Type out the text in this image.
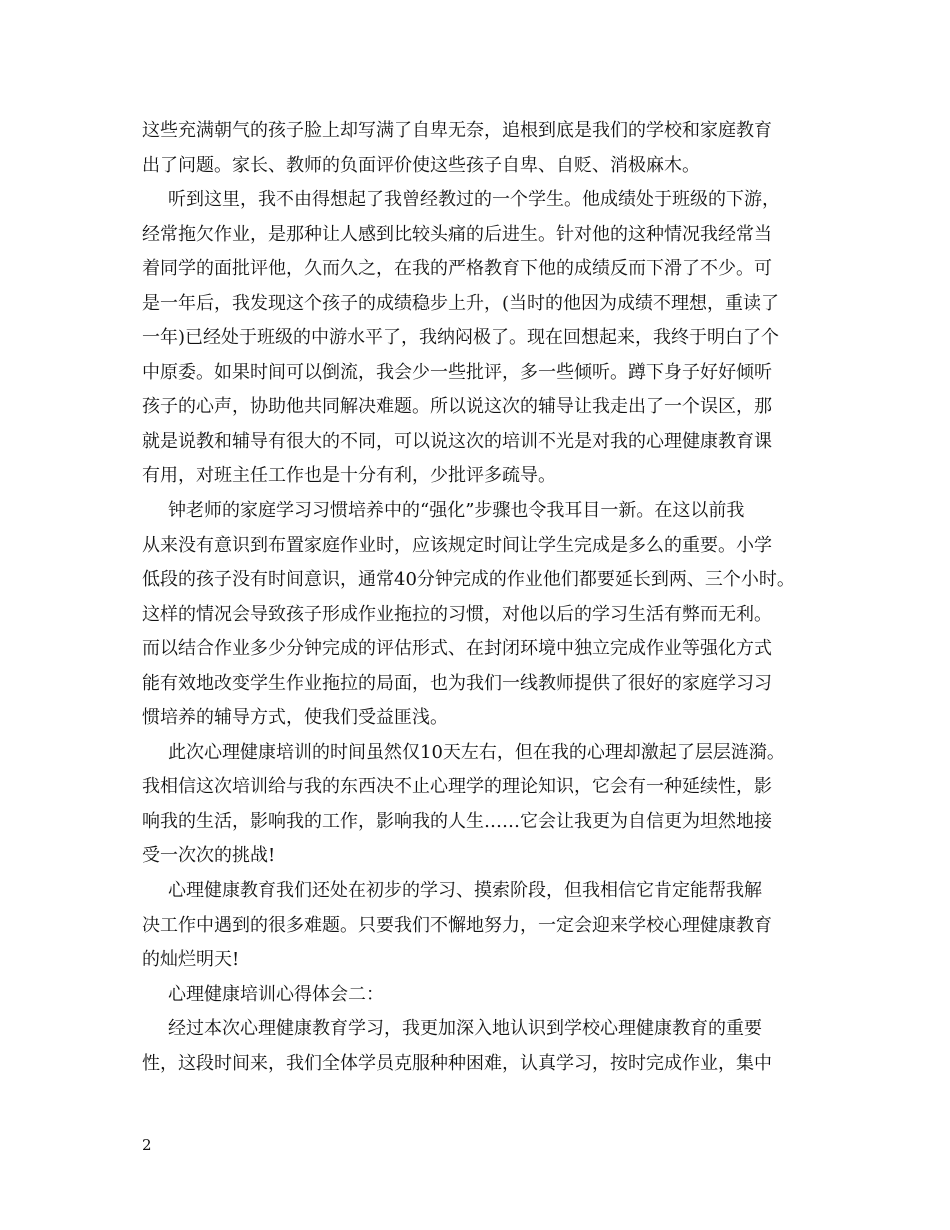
这些充满朝气的孩子脸上却写满了自卑无奈，追根到底是我们的学校和家庭教育
出了问题。家长、教师的负面评价使这些孩子自卑、自贬、消极麻木。
听到这里，我不由得想起了我曾经教过的一个学生。他成绩处于班级的下游，
经常拖欠作业，是那种让人感到比较头痛的后进生。针对他的这种情况我经常当
着同学的面批评他，久而久之，在我的严格教育下他的成绩反而下滑了不少。可
是一年后，我发现这个孩子的成绩稳步上升，(当时的他因为成绩不理想，重读了
一年)已经处于班级的中游水平了，我纳闷极了。现在回想起来，我终于明白了个
中原委。如果时间可以倒流，我会少一些批评，多一些倾听。蹲下身子好好倾听
孩子的心声，协助他共同解决难题。所以说这次的辅导让我走出了一个误区，那
就是说教和辅导有很大的不同，可以说这次的培训不光是对我的心理健康教育课
有用，对班主任工作也是十分有利，少批评多疏导。
钟老师的家庭学习习惯培养中的“强化”步骤也令我耳目一新。在这以前我
从来没有意识到布置家庭作业时，应该规定时间让学生完成是多么的重要。小学
低段的孩子没有时间意识，通常40分钟完成的作业他们都要延长到两、三个小时。
这样的情况会导致孩子形成作业拖拉的习惯，对他以后的学习生活有弊而无利。
而以结合作业多少分钟完成的评估形式、在封闭环境中独立完成作业等强化方式
能有效地改变学生作业拖拉的局面，也为我们一线教师提供了很好的家庭学习习
惯培养的辅导方式，使我们受益匪浅。
此次心理健康培训的时间虽然仅10天左右，但在我的心理却激起了层层涟漪。
我相信这次培训给与我的东西决不止心理学的理论知识，它会有一种延续性，影
响我的生活，影响我的工作，影响我的人生……它会让我更为自信更为坦然地接
受一次次的挑战!
心理健康教育我们还处在初步的学习、摸索阶段，但我相信它肯定能帮我解
决工作中遇到的很多难题。只要我们不懈地努力，一定会迎来学校心理健康教育
的灿烂明天!
心理健康培训心得体会二：
经过本次心理健康教育学习，我更加深入地认识到学校心理健康教育的重要
性，这段时间来，我们全体学员克服种种困难，认真学习，按时完成作业，集中
2
